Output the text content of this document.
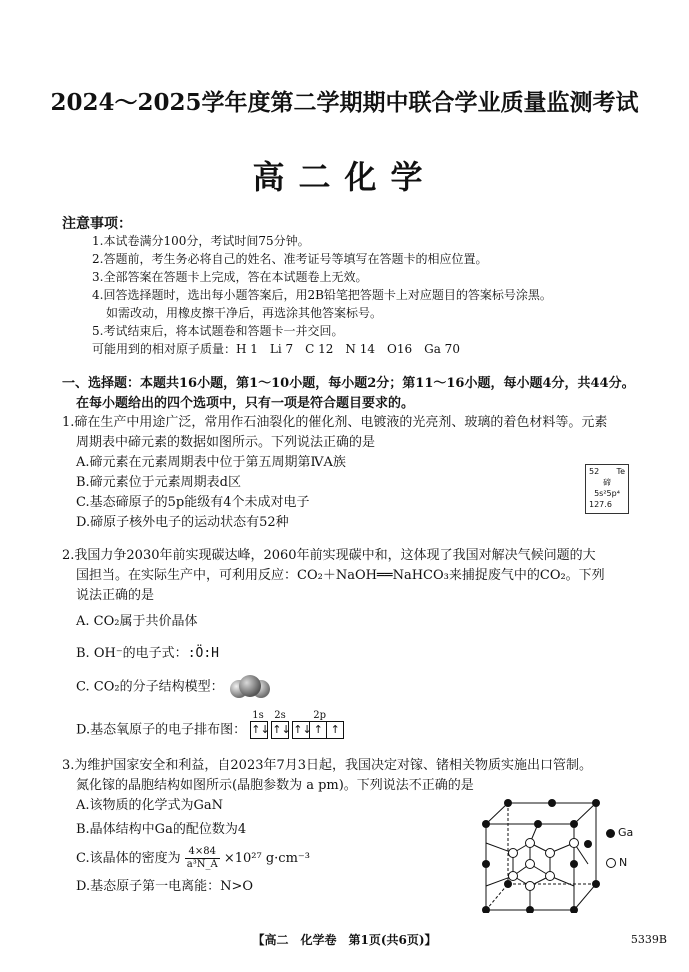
2024～2025学年度第二学期期中联合学业质量监测考试
高二化学
注意事项：
1.本试卷满分100分，考试时间75分钟。
2.答题前，考生务必将自己的姓名、准考证号等填写在答题卡的相应位置。
3.全部答案在答题卡上完成，答在本试题卷上无效。
4.回答选择题时，选出每小题答案后，用2B铅笔把答题卡上对应题目的答案标号涂黑。
如需改动，用橡皮擦干净后，再选涂其他答案标号。
5.考试结束后，将本试题卷和答题卡一并交回。
可能用到的相对原子质量：H 1　Li 7　C 12　N 14　O16　Ga 70
一、选择题：本题共16小题，第1～10小题，每小题2分；第11～16小题，每小题4分，共44分。
在每小题给出的四个选项中，只有一项是符合题目要求的。
1.碲在生产中用途广泛，常用作石油裂化的催化剂、电镀液的光亮剂、玻璃的着色材料等。元素
周期表中碲元素的数据如图所示。下列说法正确的是
A.碲元素在元素周期表中位于第五周期第ⅣA族
B.碲元素位于元素周期表d区
C.基态碲原子的5p能级有4个未成对电子
D.碲原子核外电子的运动状态有52种
52 Te
碲
5s²5p⁴
127.6
2.我国力争2030年前实现碳达峰，2060年前实现碳中和，这体现了我国对解决气候问题的大
国担当。在实际生产中，可利用反应：CO₂＋NaOH══NaHCO₃来捕捉废气中的CO₂。下列
说法正确的是
A. CO₂属于共价晶体
B. OH⁻的电子式：:Ö:H
C. CO₂的分子结构模型：
D.基态氧原子的电子排布图：
1s 2s	2p
↑↓ ↑↓ ↑↓ ↑ ↑
3.为维护国家安全和利益，自2023年7月3日起，我国决定对镓、锗相关物质实施出口管制。
氮化镓的晶胞结构如图所示(晶胞参数为 a pm)。下列说法不正确的是
A.该物质的化学式为GaN
B.晶体结构中Ga的配位数为4
C.该晶体的密度为 $\frac{4\times 84}{\text{a³N\_A}} \times 10^{27}$ g·cm⁻³
D.基态原子第一电离能：N>O
Ga
N
【高二　化学卷　第1页(共6页)】	5339B
